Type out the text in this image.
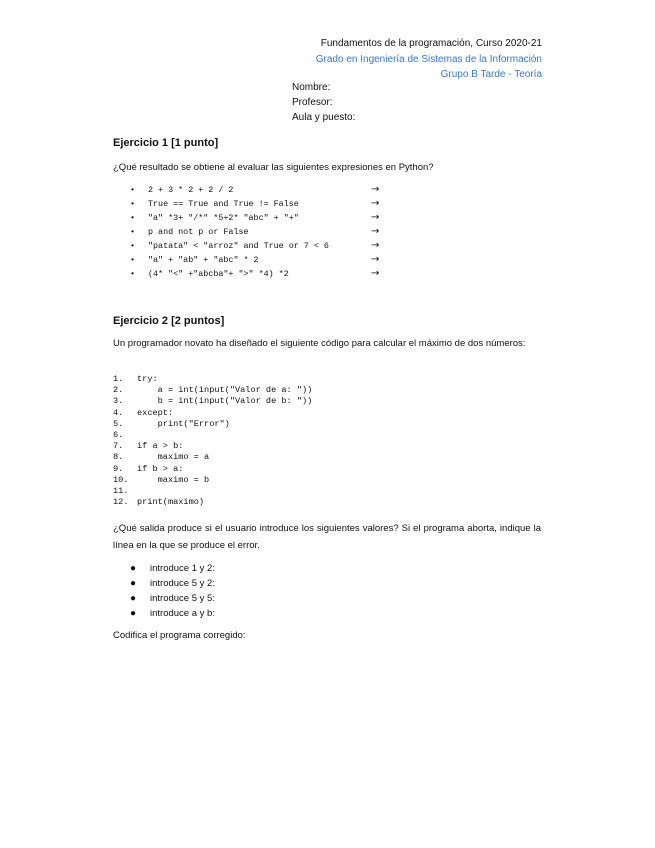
Fundamentos de la programación, Curso 2020-21
Grado en Ingeniería de Sistemas de la Información
Grupo B Tarde - Teoría
Nombre:
Profesor:
Aula y puesto:
Ejercicio 1 [1 punto]
¿Qué resultado se obtiene al evaluar las siguientes expresiones en Python?
• 2 + 3 * 2 + 2 / 2	→
• True == True and True != False	→
• "a" *3+ "/*" *5+2* "abc" + "+"	→
• p and not p or False	→
• "patata" < "arroz" and True or 7 < 6	→
• "a" + "ab" + "abc" * 2	→
• (4* "<" +"abcba"+ ">" *4) *2	→
Ejercicio 2 [2 puntos]
Un programador novato ha diseñado el siguiente código para calcular el máximo de dos números:
1. try:
2. a = int(input("Valor de a: "))
3. b = int(input("Valor de b: "))
4. except:
5. print("Error")
6.
7. if a > b:
8. maximo = a
9. if b > a:
10. maximo = b
11.
12. print(maximo)
¿Qué salida produce si el usuario introduce los siguientes valores? Si el programa aborta, indique la línea en la que se produce el error.
● introduce 1 y 2:
● introduce 5 y 2:
● introduce 5 y 5:
● introduce a y b:
Codifica el programa corregido:
